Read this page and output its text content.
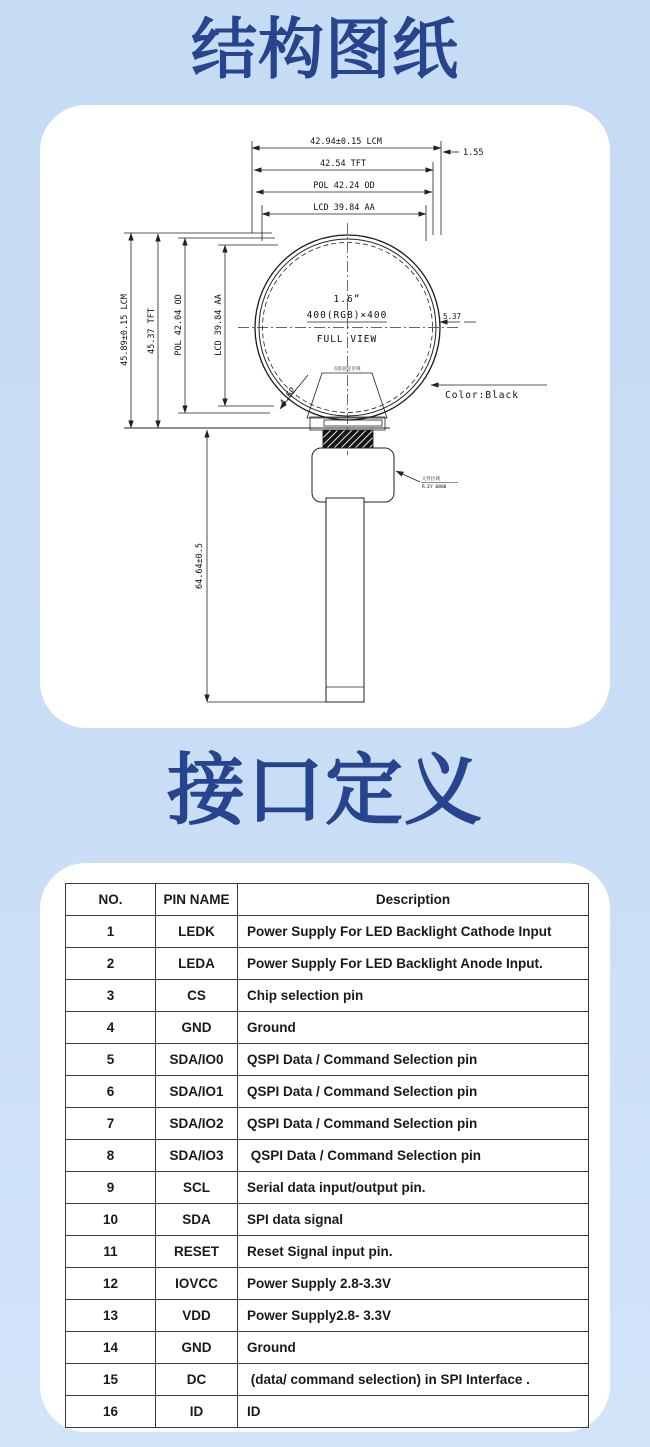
结构图纸
42.94±0.15 LCM
42.54 TFT
POL 42.24 OD
LCD 39.84 AA
1.55
45.89±0.15 LCM 45.37 TFT POL 42.04 OD	LCD 39.84 AA	1.6”
400(RGB)×400
FULL VIEW
5.37
点胶固定区域
4.62
元件区域
R.EY 0800
Color:Black
64.64±0.5
接口定义
NO.	PIN NAME	Description
1	LEDK	Power Supply For LED Backlight Cathode Input
2	LEDA	Power Supply For LED Backlight Anode Input.
3	CS	Chip selection pin
4	GND	Ground
5	SDA/IO0	QSPI Data / Command Selection pin
6	SDA/IO1	QSPI Data / Command Selection pin
7	SDA/IO2	QSPI Data / Command Selection pin
8	SDA/IO3	QSPI Data / Command Selection pin
9	SCL	Serial data input/output pin.
10	SDA	SPI data signal
11	RESET	Reset Signal input pin.
12	IOVCC	Power Supply 2.8-3.3V
13	VDD	Power Supply2.8- 3.3V
14	GND	Ground
15	DC	(data/ command selection) in SPI Interface .
16	ID	ID
